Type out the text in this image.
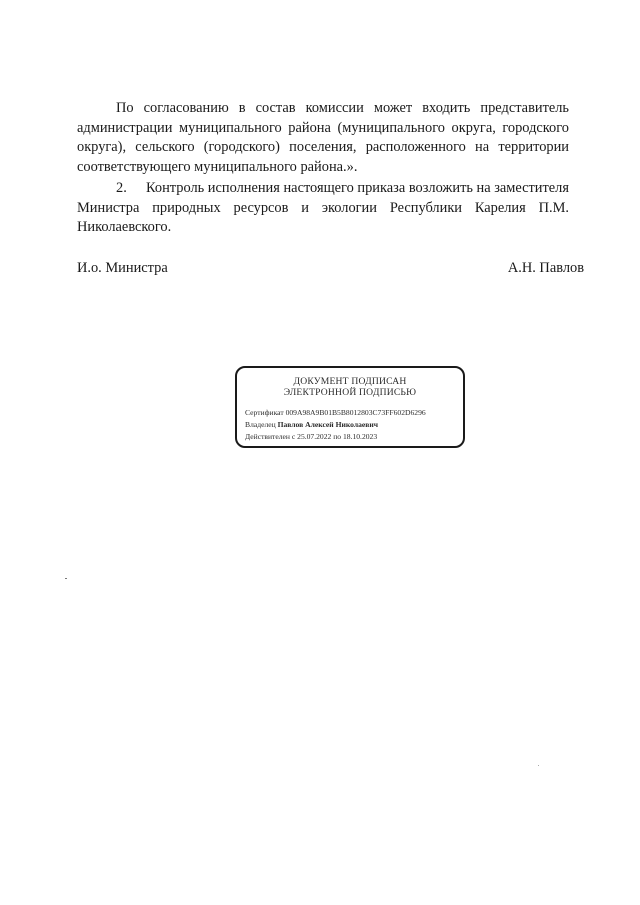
По согласованию в состав комиссии может входить представитель администрации муниципального района (муниципального округа, городского округа), сельского (городского) поселения, расположенного на территории соответствующего муниципального района.».

2. Контроль исполнения настоящего приказа возложить на заместителя Министра природных ресурсов и экологии Республики Карелия П.М. Николаевского.

И.о. Министра	А.Н. Павлов
ДОКУМЕНТ ПОДПИСАН
ЭЛЕКТРОННОЙ ПОДПИСЬЮ
Сертификат 009A98A9B01B5B8012803C73FF602D6296
Владелец Павлов Алексей Николаевич
Действителен с 25.07.2022 по 18.10.2023
